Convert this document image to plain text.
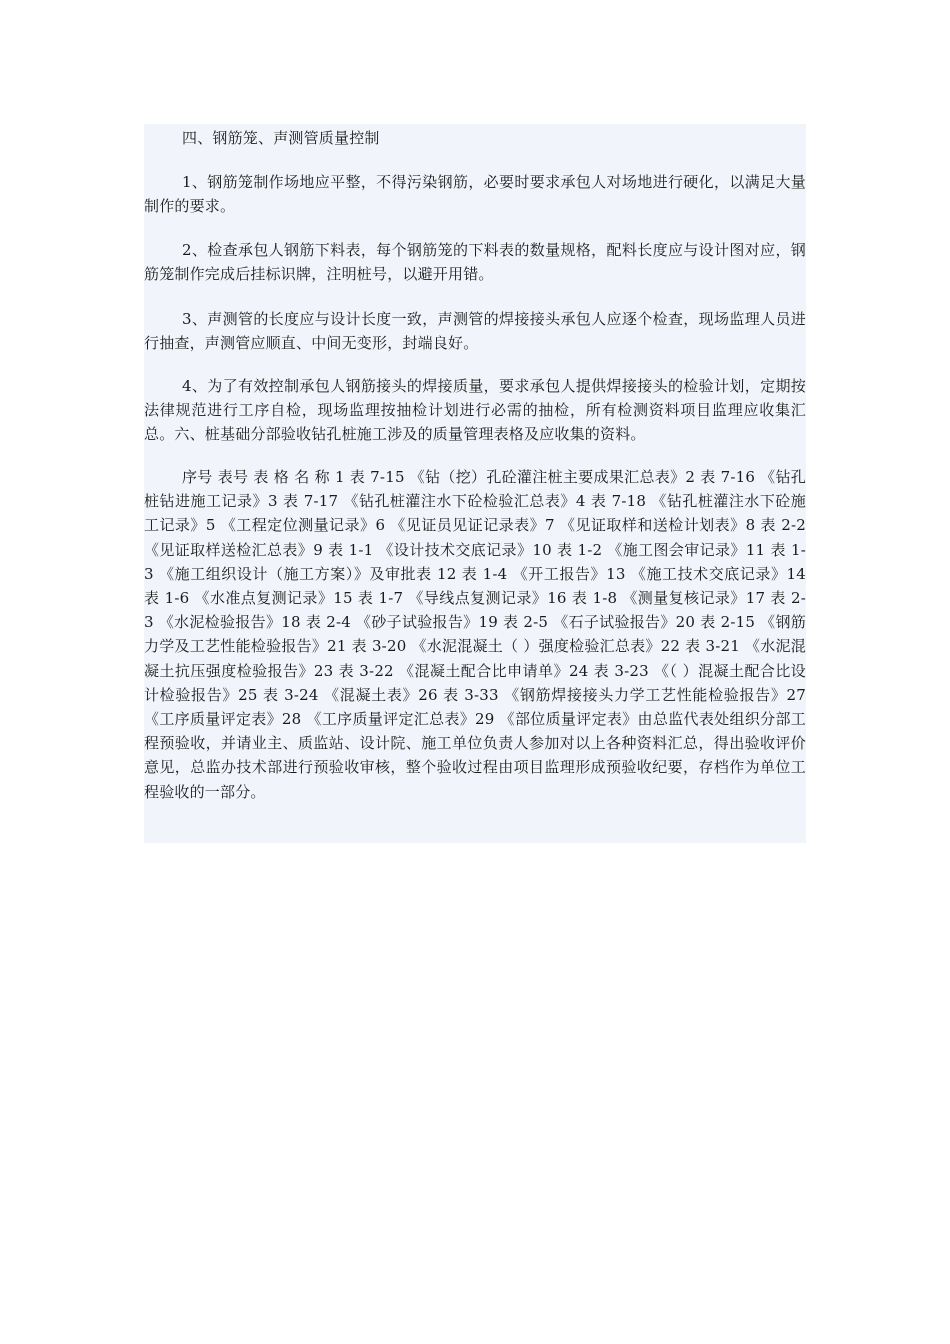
四、钢筋笼、声测管质量控制

1、钢筋笼制作场地应平整，不得污染钢筋，必要时要求承包人对场地进行硬化，以满足大量制作的要求。

2、检查承包人钢筋下料表，每个钢筋笼的下料表的数量规格，配料长度应与设计图对应，钢筋笼制作完成后挂标识牌，注明桩号，以避开用错。

3、声测管的长度应与设计长度一致，声测管的焊接接头承包人应逐个检查，现场监理人员进行抽查，声测管应顺直、中间无变形，封端良好。

4、为了有效控制承包人钢筋接头的焊接质量，要求承包人提供焊接接头的检验计划，定期按法律规范进行工序自检，现场监理按抽检计划进行必需的抽检，所有检测资料项目监理应收集汇总。六、桩基础分部验收钻孔桩施工涉及的质量管理表格及应收集的资料。

序号 表号 表 格 名 称 1 表 7-15 《钻（挖）孔砼灌注桩主要成果汇总表》2 表 7-16 《钻孔桩钻进施工记录》3 表 7-17 《钻孔桩灌注水下砼检验汇总表》4 表 7-18 《钻孔桩灌注水下砼施工记录》5 《工程定位测量记录》6 《见证员见证记录表》7 《见证取样和送检计划表》8 表 2-2 《见证取样送检汇总表》9 表 1-1 《设计技术交底记录》10 表 1-2 《施工图会审记录》11 表 1-3 《施工组织设计（施工方案）》及审批表 12 表 1-4 《开工报告》13 《施工技术交底记录》14 表 1-6 《水准点复测记录》15 表 1-7 《导线点复测记录》16 表 1-8 《测量复核记录》17 表 2-3 《水泥检验报告》18 表 2-4 《砂子试验报告》19 表 2-5 《石子试验报告》20 表 2-15 《钢筋力学及工艺性能检验报告》21 表 3-20 《水泥混凝土（ ）强度检验汇总表》22 表 3-21 《水泥混凝土抗压强度检验报告》23 表 3-22 《混凝土配合比申请单》24 表 3-23 《（ ）混凝土配合比设计检验报告》25 表 3-24 《混凝土表》26 表 3-33 《钢筋焊接接头力学工艺性能检验报告》27 《工序质量评定表》28 《工序质量评定汇总表》29 《部位质量评定表》由总监代表处组织分部工程预验收，并请业主、质监站、设计院、施工单位负责人参加对以上各种资料汇总，得出验收评价意见，总监办技术部进行预验收审核，整个验收过程由项目监理形成预验收纪要，存档作为单位工程验收的一部分。
